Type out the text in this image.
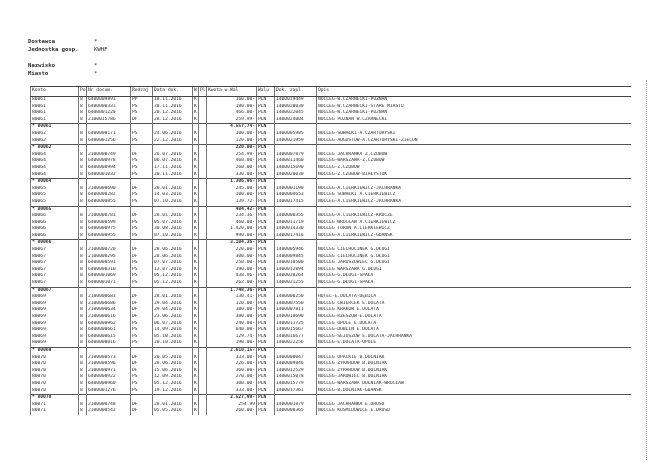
Dostawca	*
Jednostka gosp.	KWHF
Nazwisko	*
Miasto	*
Konto	Po	Nr docum.	Rodzaj	Data dok.	W	Pl	Kwota w Wal	Walu	Dok. zapl.	Opis
80061	8	6400009891	PP	10.11.2016	K		160.00-	PLN	1400019449	NOCLEG-W.CZARNECKI-POZNAŃ
80061	8	6400000331	PS	30.11.2016	K		180.00-	PLN	1400020030	NOCLEG-W.CZARNECKI-STARE MIASTO
80061	8	6400001220	PS	20.12.2016	K		466.00-	PLN	1400022045	NOCLEG-W.CZARNECKI-POZNAŃ
80061	8	2100015786	DF	28.12.2016	K		259.99-	PLN	1400024004	NOCLEG POZNAŃ W.CZARNECKI
* 80061							4.557,74-	PLN		
80062	8	6400000171	PS	24.06.2016	K		100.00-	PLN	1400005985	NOCLEG-SUWAŁKI-A.CZARTORYSKI
80062	8	6400001256	PS	22.12.2016	K		120.00-	PLN	1400021959	NOCLEG-AUGUSTÓW-A.CZARTORYSKI-ZIELON
* 80062							220.00-	PLN		
80064	8	2100000749	DF	26.07.2016	K		254.99-	PLN	1400007879	NOCLEG JACHRANKA Z.CZUBOW
80064	8	6400000978	PS	06.07.2016	K		460.00-	PLN	1400011460	NOCLEG-WARSZAWA-Z.CZUBOW
80064	8	6400000994	PS	17.11.2016	K		260.00-	PLN	1400015690	NOCLEG-Z.CZUBOW
80064	8	6400001032	PS	30.11.2016	K		330.00-	PLN	1400020030	NOCLEG-Z.CZUBOW-BIAŁYSTOK
* 80064							1.306,96-	PLN		
80065	8	2100000690	DF	20.01.2016	K		245.00-	PLN	1400001190	NOCLEG-A.CIERKIEWICZ-JACHRANKA
80065	8	6400000282	PS	14.03.2016	K		100.00-	PLN	1400004653	NOCLEG SUWAŁKI A.CIERKIEWICZ
80065	8	6400000855	PS	07.10.2016	K		139.72-	PLN	1400017415	NOCLEG-A.CIERKIEWICZ-JACHRANKA
* 80065							484,42-	PLN		
80066	8	2100000781	DF	28.01.2016	K		234.36-	PLN	1400000355	NOCLEG-A.CIERKIEWICZ-KRUCZE
80066	8	6400000599	PS	05.07.2016	K		460.00-	PLN	1400011719	NOCLEG WROCŁAW A.CIERKIEWICZ
80066	8	6400000975	PS	30.08.2016	K		1.420,00-	PLN	1400014330	NOCLEG TORUŃ A.CIERKIEWICZ
80066	8	6400000955	PS	07.10.2016	K		990.00-	PLN	1400017416	NOCLEG-A.CIERKIEWICZ-GDAŃSK
* 80066							3.104,36-	PLN		
80067	8	2100000720	DF	28.06.2016	K		220.00-	PLN	1400005946	NOCLEG CIECHOCINEK G.DŁUGI
80067	8	2100000295	DF	28.06.2016	K		300.00-	PLN	1400009845	NOCLEG CIECHOCINEK G.DŁUGI
80067	8	6400000591	PS	07.07.2016	K		250.00-	PLN	1400010500	NOCLEG JAROSZOWIEC G.DŁUGI
80067	8	6400000310	PS	13.07.2016	K		390.00-	PLN	1400012894	NOCLEG WARSZAWA G.DŁUGI
80067	8	6400001069	PS	05.12.2016	K		438.96-	PLN	1400020264	NOCLEG-G.DŁUGI-SPAŁA
80067	8	6400001071	PS	05.12.2016	K		262.00-	PLN	1400021255	NOCLEG-G.DŁUGI-SPAŁA
* 80067							1.748,36-	PLN		
80069	8	2100000683	DF	28.01.2016	K		130.41-	PLN	1400000250	HOTEL-E.DOLATA-DĘBICA
80069	8	2100000686	DF	29.04.2016	K		120.00-	PLN	1400007550	NOCLEG ČWIERCEK E.DOLATA
80069	8	2100000634	DF	29.04.2016	K		380.00-	PLN	1400007811	NOCLEG KRAKÓW E.DOLATA
80069	8	2100000616	DF	23.06.2016	K		380.00-	PLN	1400010690	NOCLEG-RZESZÓW-E.DOLATA
80069	8	6400000962	PS	06.07.2016	K		240.00-	PLN	1400011725	NOCLEG OPOLE E.DOLATA
80069	8	6400000661	PS	14.09.2016	K		640.00-	PLN	1400015667	NOCLEG-DOBLIN E.DOLATA
80069	8	6400000615	PS	05.10.2016	K		129.74-	PLN	1400016677	NOCLEG-SEJOSZÓW E.DOLATA-JACHRANKA
80069	8	6400000816	PS	20.10.2016	K		190.00-	PLN	1400022256	NOCLEG-E.DOLATA-OPOLE
* 80069							2.610,15-	PLN		
80070	8	2100000573	DF	20.05.2016	K		333.00-	PLN	1400008047	NOCLEG OPACKIE B.DOLNIAK
80070	8	2100000596	DF	28.06.2016	K		226.00-	PLN	1400009846	NOCLEG ZYRARDÓW B.DOLNIAK
80070	8	2100000971	DF	15.06.2016	K		360.00-	PLN	1400012529	NOCLEG ZYRARDÓW B.DOLNIAK
80070	8	6400000922	PS	12.09.2016	K		270.00-	PLN	1400015078	NOCLEG-JAROWIEC B.DOLNIAK
80070	8	6400000960	PS	05.12.2016	K		300.00-	PLN	1400015779	NOCLEG-WARSZAWA DOLNIAK-WROCŁAW
80070	8	6400001276	PS	19.12.2016	K		333.00-	PLN	1400017361	NOCLEG-B.DOLNIAK-GDAŃSK
* 80070							2.527,99-	PLN		
80071	8	2100000748	DF	28.01.2016	K		254.99	PLN	1400001879	NOCLEG JACHRANKA E.DRUSD
80071	8	2100000542	DF	05.05.2016	K		260.00-	PLN	1400008365	NOCLEG KOŚMIDOWICE E.DRUSD
